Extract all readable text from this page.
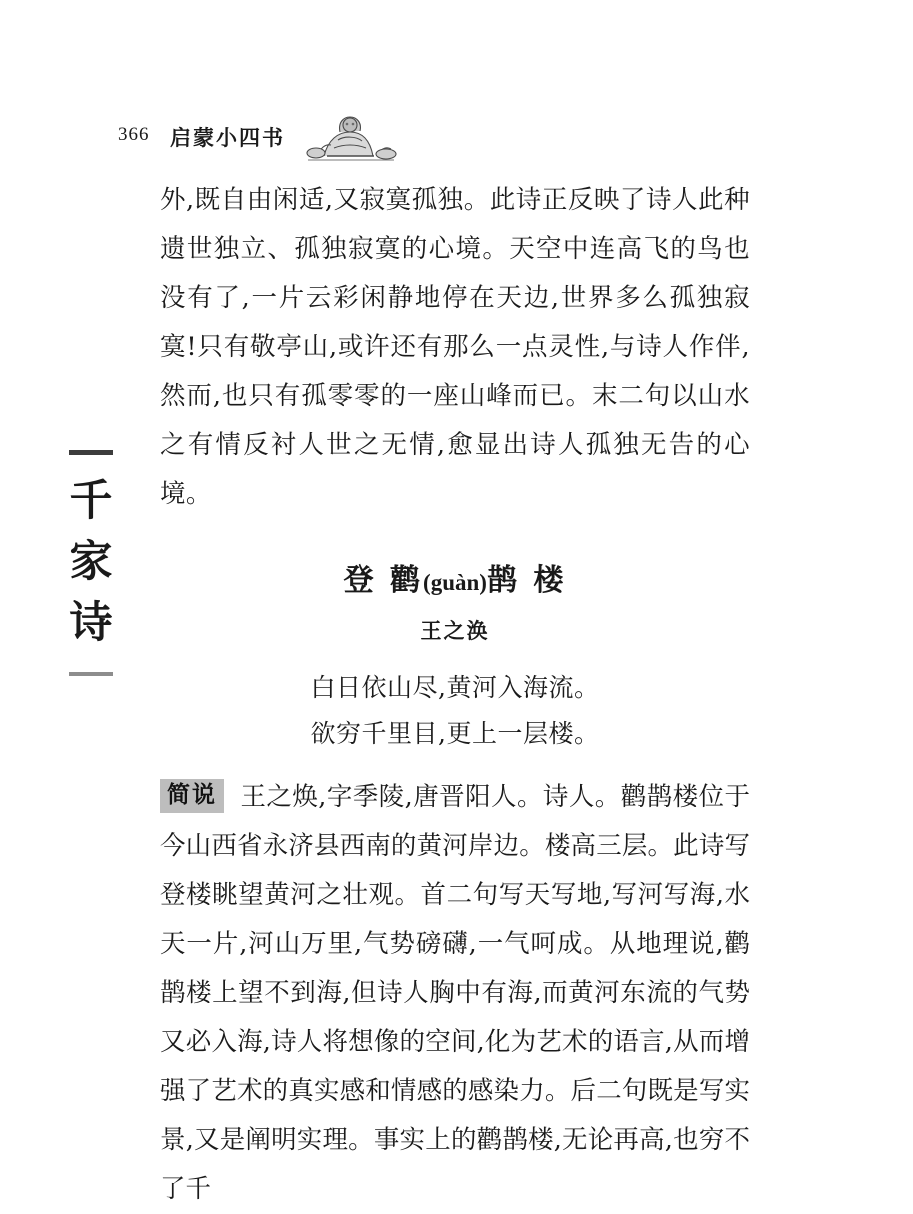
366 启蒙小四书
千
家
诗
外,既自由闲适,又寂寞孤独。此诗正反映了诗人此种遗世独立、孤独寂寞的心境。天空中连高飞的鸟也没有了,一片云彩闲静地停在天边,世界多么孤独寂寞!只有敬亭山,或许还有那么一点灵性,与诗人作伴,然而,也只有孤零零的一座山峰而已。末二句以山水之有情反衬人世之无情,愈显出诗人孤独无告的心境。
登 鹳(guàn)鹊 楼
王之涣
白日依山尽,黄河入海流。
欲穷千里目,更上一层楼。
简说 王之焕,字季陵,唐晋阳人。诗人。鹳鹊楼位于今山西省永济县西南的黄河岸边。楼高三层。此诗写登楼眺望黄河之壮观。首二句写天写地,写河写海,水天一片,河山万里,气势磅礴,一气呵成。从地理说,鹳鹊楼上望不到海,但诗人胸中有海,而黄河东流的气势又必入海,诗人将想像的空间,化为艺术的语言,从而增强了艺术的真实感和情感的感染力。后二句既是写实景,又是阐明实理。事实上的鹳鹊楼,无论再高,也穷不了千
